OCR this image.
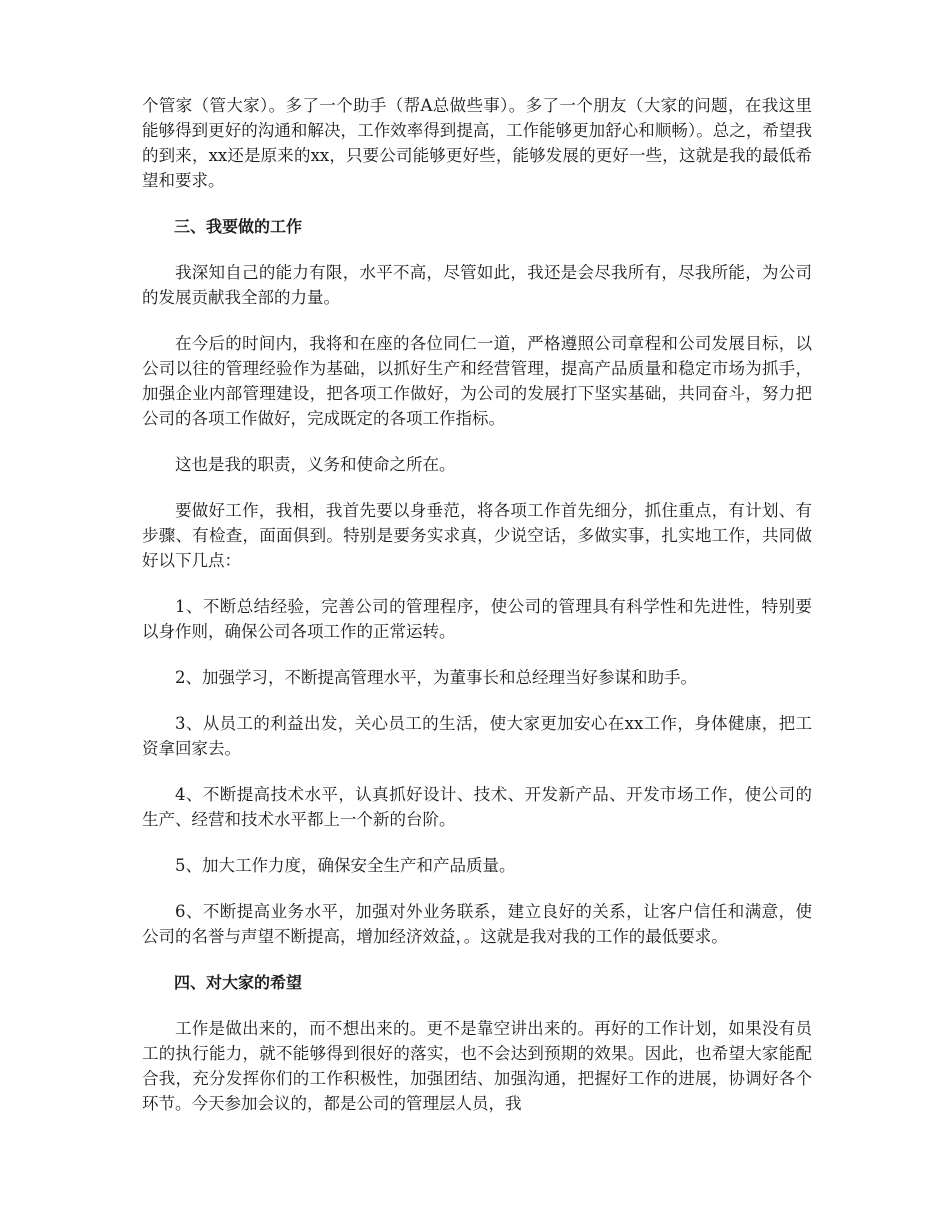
个管家（管大家）。多了一个助手（帮A总做些事）。多了一个朋友（大家的问题，在我这里能够得到更好的沟通和解决，工作效率得到提高，工作能够更加舒心和顺畅）。总之，希望我的到来，xx还是原来的xx，只要公司能够更好些，能够发展的更好一些，这就是我的最低希望和要求。

三、我要做的工作

我深知自己的能力有限，水平不高，尽管如此，我还是会尽我所有，尽我所能，为公司的发展贡献我全部的力量。

在今后的时间内，我将和在座的各位同仁一道，严格遵照公司章程和公司发展目标，以公司以往的管理经验作为基础，以抓好生产和经营管理，提高产品质量和稳定市场为抓手，加强企业内部管理建设，把各项工作做好，为公司的发展打下坚实基础，共同奋斗，努力把公司的各项工作做好，完成既定的各项工作指标。

这也是我的职责，义务和使命之所在。

要做好工作，我相，我首先要以身垂范，将各项工作首先细分，抓住重点，有计划、有步骤、有检查，面面俱到。特别是要务实求真，少说空话，多做实事，扎实地工作，共同做好以下几点：

1、不断总结经验，完善公司的管理程序，使公司的管理具有科学性和先进性，特别要以身作则，确保公司各项工作的正常运转。

2、加强学习，不断提高管理水平，为董事长和总经理当好参谋和助手。

3、从员工的利益出发，关心员工的生活，使大家更加安心在xx工作，身体健康，把工资拿回家去。

4、不断提高技术水平，认真抓好设计、技术、开发新产品、开发市场工作，使公司的生产、经营和技术水平都上一个新的台阶。

5、加大工作力度，确保安全生产和产品质量。

6、不断提高业务水平，加强对外业务联系，建立良好的关系，让客户信任和满意，使公司的名誉与声望不断提高，增加经济效益，。这就是我对我的工作的最低要求。

四、对大家的希望

工作是做出来的，而不想出来的。更不是靠空讲出来的。再好的工作计划，如果没有员工的执行能力，就不能够得到很好的落实，也不会达到预期的效果。因此，也希望大家能配合我，充分发挥你们的工作积极性，加强团结、加强沟通，把握好工作的进展，协调好各个环节。今天参加会议的，都是公司的管理层人员，我
